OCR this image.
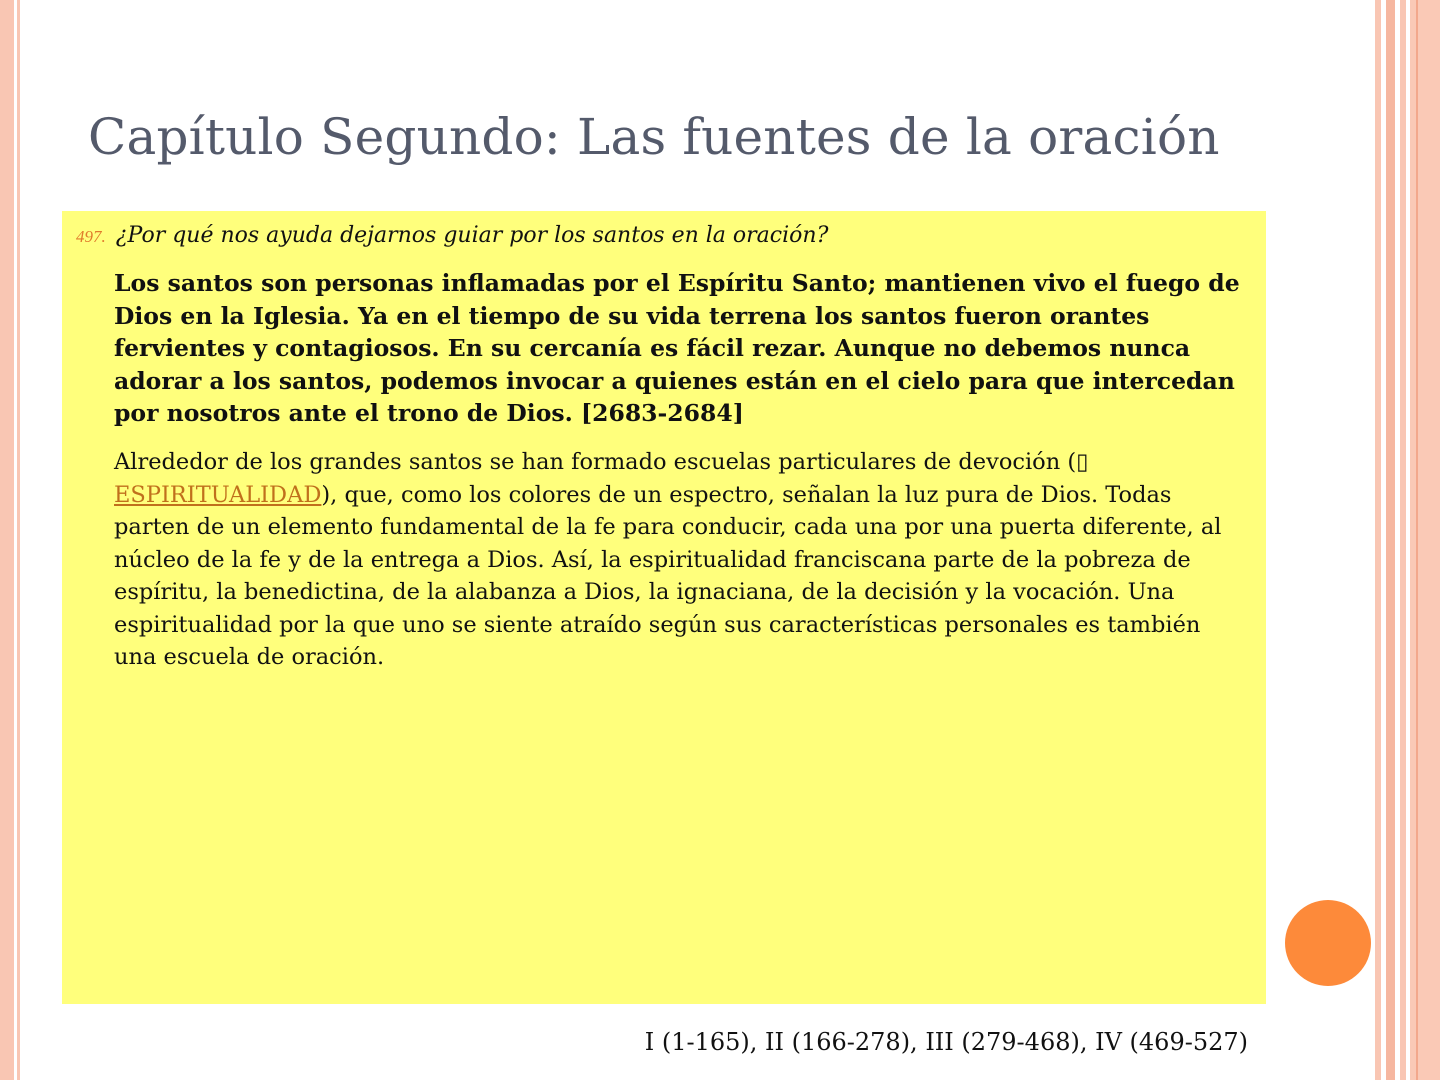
Capítulo Segundo: Las fuentes de la oración
497. ¿Por qué nos ayuda dejarnos guiar por los santos en la oración?

Los santos son personas inflamadas por el Espíritu Santo; mantienen vivo el fuego de Dios en la Iglesia. Ya en el tiempo de su vida terrena los santos fueron orantes fervientes y contagiosos. En su cercanía es fácil rezar. Aunque no debemos nunca adorar a los santos, podemos invocar a quienes están en el cielo para que intercedan por nosotros ante el trono de Dios. [2683-2684]

Alrededor de los grandes santos se han formado escuelas particulares de devoción (▯
ESPIRITUALIDAD), que, como los colores de un espectro, señalan la luz pura de Dios. Todas parten de un elemento fundamental de la fe para conducir, cada una por una puerta diferente, al núcleo de la fe y de la entrega a Dios. Así, la espiritualidad franciscana parte de la pobreza de espíritu, la benedictina, de la alabanza a Dios, la ignaciana, de la decisión y la vocación. Una espiritualidad por la que uno se siente atraído según sus características personales es también una escuela de oración.

I (1-165), II (166-278), III (279-468), IV (469-527)
